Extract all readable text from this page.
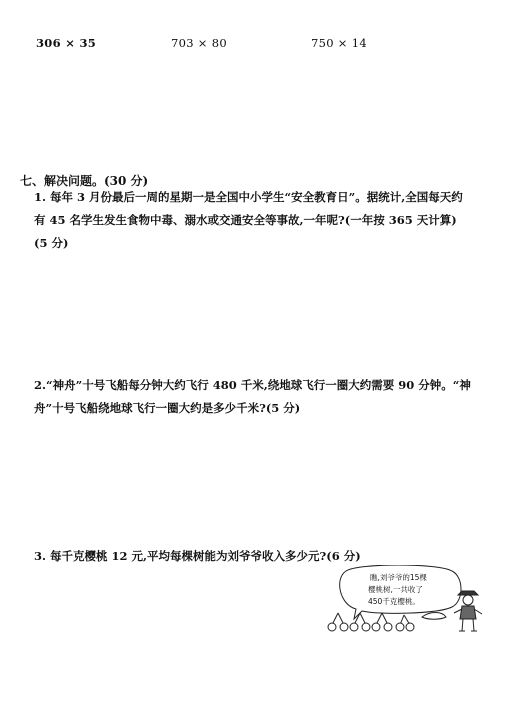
306 × 35	703 × 80	750 × 14
七、解决问题。(30 分)
1. 每年 3 月份最后一周的星期一是全国中小学生“安全教育日”。据统计,全国每天约
有 45 名学生发生食物中毒、溺水或交通安全等事故,一年呢?(一年按 365 天计算)
(5 分)
2.“神舟”十号飞船每分钟大约飞行 480 千米,绕地球飞行一圈大约需要 90 分钟。“神
舟”十号飞船绕地球飞行一圈大约是多少千米?(5 分)
3. 每千克樱桃 12 元,平均每棵树能为刘爷爷收入多少元?(6 分)
瞧,刘爷爷的15棵
樱桃树,一共收了
450千克樱桃。
